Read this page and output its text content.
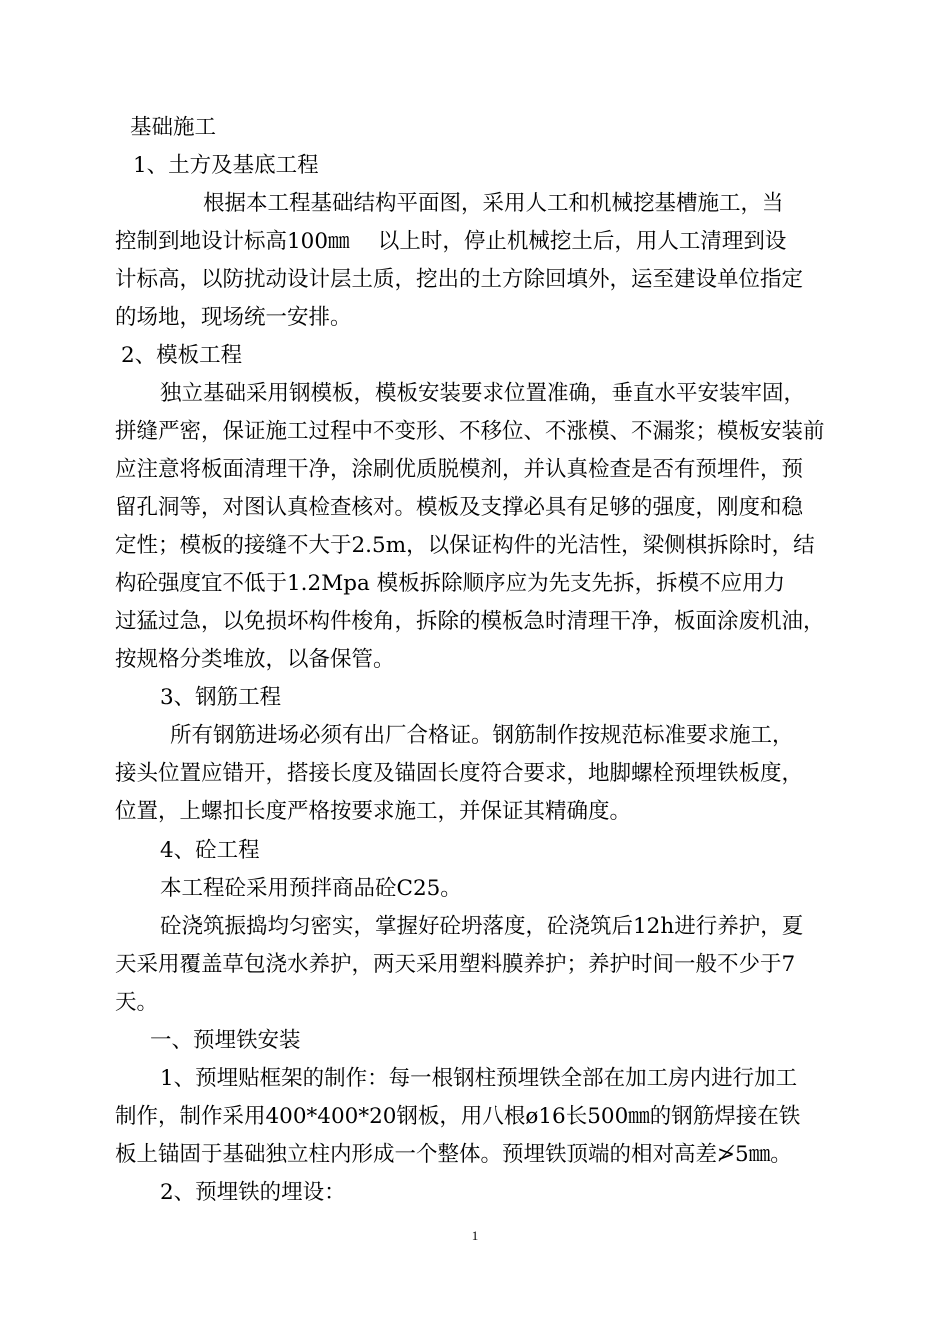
基础施工

1、土方及基底工程

根据本工程基础结构平面图，采用人工和机械挖基槽施工，当

控制到地设计标高100㎜　 以上时，停止机械挖土后，用人工清理到设

计标高，以防扰动设计层土质，挖出的土方除回填外，运至建设单位指定

的场地，现场统一安排。

2、模板工程

独立基础采用钢模板，模板安装要求位置准确，垂直水平安装牢固，

拼缝严密，保证施工过程中不变形、不移位、不涨模、不漏浆；模板安装前

应注意将板面清理干净，涂刷优质脱模剂，并认真检查是否有预埋件，预

留孔洞等，对图认真检查核对。模板及支撑必具有足够的强度，刚度和稳

定性；模板的接缝不大于2.5m，以保证构件的光洁性，梁侧棋拆除时，结

构砼强度宜不低于1.2Mpa 模板拆除顺序应为先支先拆，拆模不应用力

过猛过急，以免损坏构件梭角，拆除的模板急时清理干净，板面涂废机油，

按规格分类堆放，以备保管。

3、钢筋工程

所有钢筋进场必须有出厂合格证。钢筋制作按规范标准要求施工，

接头位置应错开，搭接长度及锚固长度符合要求，地脚螺栓预埋铁板度，

位置，上螺扣长度严格按要求施工，并保证其精确度。

4、砼工程

本工程砼采用预拌商品砼C25。

砼浇筑振捣均匀密实，掌握好砼坍落度，砼浇筑后12h进行养护，夏

天采用覆盖草包浇水养护，两天采用塑料膜养护；养护时间一般不少于7

天。

一、预埋铁安装

1、预埋贴框架的制作：每一根钢柱预埋铁全部在加工房内进行加工

制作，制作采用400*400*20钢板，用八根ø16长500㎜的钢筋焊接在铁

板上锚固于基础独立柱内形成一个整体。预埋铁顶端的相对高差≯5㎜。

2、预埋铁的埋设：

1
